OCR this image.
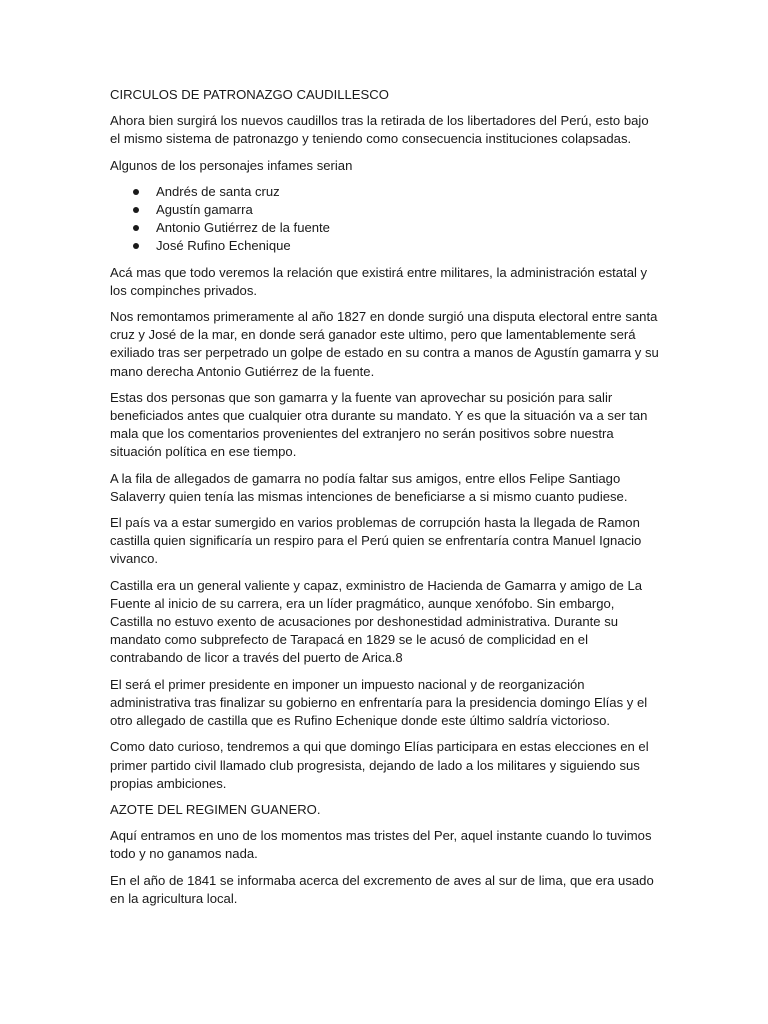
CIRCULOS DE PATRONAZGO CAUDILLESCO

Ahora bien surgirá los nuevos caudillos tras la retirada de los libertadores del Perú, esto bajo el mismo sistema de patronazgo y teniendo como consecuencia instituciones colapsadas.

Algunos de los personajes infames serian

Andrés de santa cruz
Agustín gamarra
Antonio Gutiérrez de la fuente
José Rufino Echenique

Acá mas que todo veremos la relación que existirá entre militares, la administración estatal y los compinches privados.

Nos remontamos primeramente al año 1827 en donde surgió una disputa electoral entre santa cruz y José de la mar, en donde será ganador este ultimo, pero que lamentablemente será exiliado tras ser perpetrado un golpe de estado en su contra a manos de Agustín gamarra y su mano derecha Antonio Gutiérrez de la fuente.

Estas dos personas que son gamarra y la fuente van aprovechar su posición para salir beneficiados antes que cualquier otra durante su mandato. Y es que la situación va a ser tan mala que los comentarios provenientes del extranjero no serán positivos sobre nuestra situación política en ese tiempo.

A la fila de allegados de gamarra no podía faltar sus amigos, entre ellos Felipe Santiago Salaverry quien tenía las mismas intenciones de beneficiarse a si mismo cuanto pudiese.

El país va a estar sumergido en varios problemas de corrupción hasta la llegada de Ramon castilla quien significaría un respiro para el Perú quien se enfrentaría contra Manuel Ignacio vivanco.

Castilla era un general valiente y capaz, exministro de Hacienda de Gamarra y amigo de La Fuente al inicio de su carrera, era un líder pragmático, aunque xenófobo. Sin embargo, Castilla no estuvo exento de acusaciones por deshonestidad administrativa. Durante su mandato como subprefecto de Tarapacá en 1829 se le acusó de complicidad en el contrabando de licor a través del puerto de Arica.8

El será el primer presidente en imponer un impuesto nacional y de reorganización administrativa tras finalizar su gobierno en enfrentaría para la presidencia domingo Elías y el otro allegado de castilla que es Rufino Echenique donde este último saldría victorioso.

Como dato curioso, tendremos a qui que domingo Elías participara en estas elecciones en el primer partido civil llamado club progresista, dejando de lado a los militares y siguiendo sus propias ambiciones.

AZOTE DEL REGIMEN GUANERO.

Aquí entramos en uno de los momentos mas tristes del Per, aquel instante cuando lo tuvimos todo y no ganamos nada.

En el año de 1841 se informaba acerca del excremento de aves al sur de lima, que era usado en la agricultura local.
